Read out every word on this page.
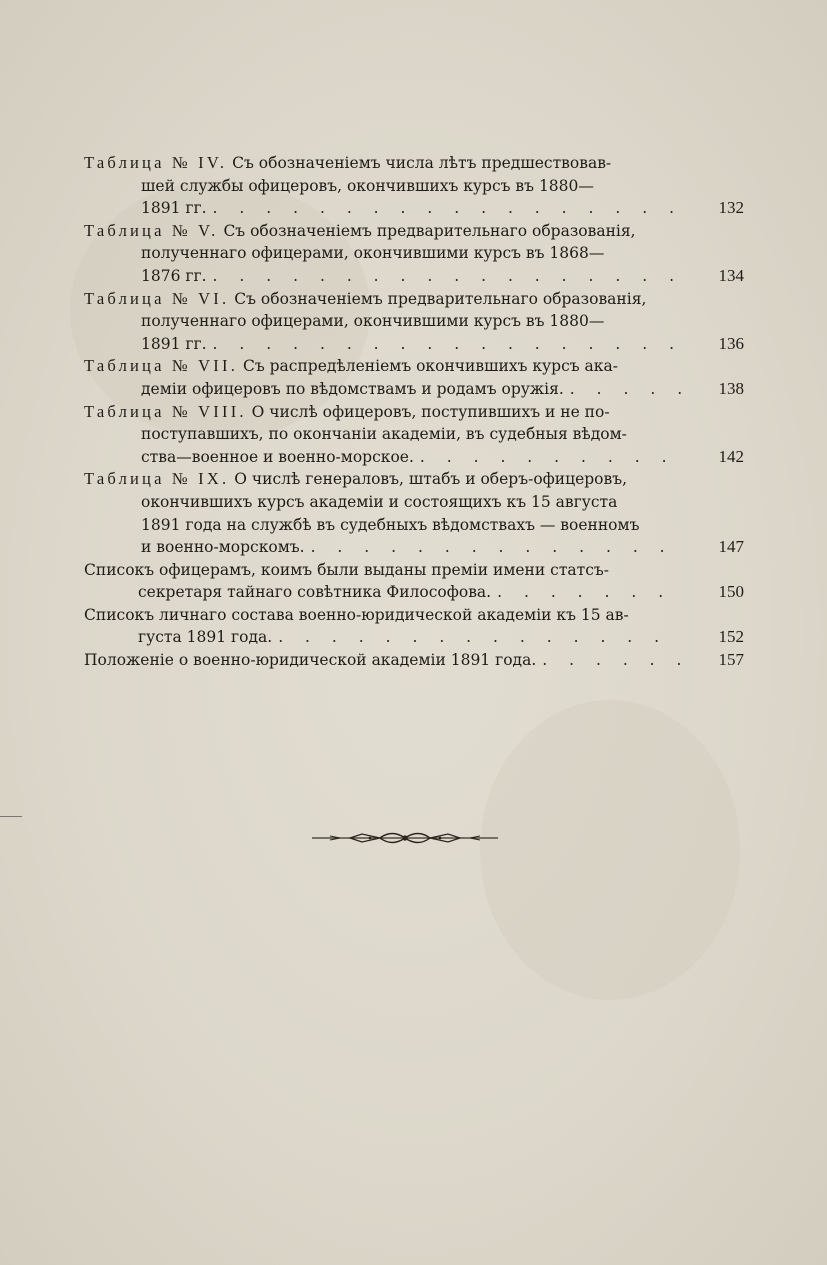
Таблица № IV. Съ обозначеніемъ числа лѣтъ предшествовав-
шей службы офицеровъ, окончившихъ курсъ въ 1880—
1891 гг. . . .	132
Таблица № V. Съ обозначеніемъ предварительнаго образованія,
полученнаго офицерами, окончившими курсъ въ 1868—
1876 гг. . . .	134
Таблица № VI. Съ обозначеніемъ предварительнаго образованія,
полученнаго офицерами, окончившими курсъ въ 1880—
1891 гг. . . .	136
Таблица № VII. Съ распредѣленіемъ окончившихъ курсъ ака-
деміи офицеровъ по вѣдомствамъ и родамъ оружія. . . .	138
Таблица № VIII. О числѣ офицеровъ, поступившихъ и не по-
поступавшихъ, по окончаніи академіи, въ судебныя вѣдом-
ства—военное и военно-морское. . . .	142
Таблица № IX. О числѣ генераловъ, штабъ и оберъ-офицеровъ,
окончившихъ курсъ академіи и состоящихъ къ 15 августа
1891 года на службѣ въ судебныхъ вѣдомствахъ — военномъ
и военно-морскомъ. . . .	147
Списокъ офицерамъ, коимъ были выданы преміи имени статсъ-
секретаря тайнаго совѣтника Философова. . . .	150
Списокъ личнаго состава военно-юридической академіи къ 15 ав-
густа 1891 года. . . .	152
Положеніе о военно-юридической академіи 1891 года. . . .	157
